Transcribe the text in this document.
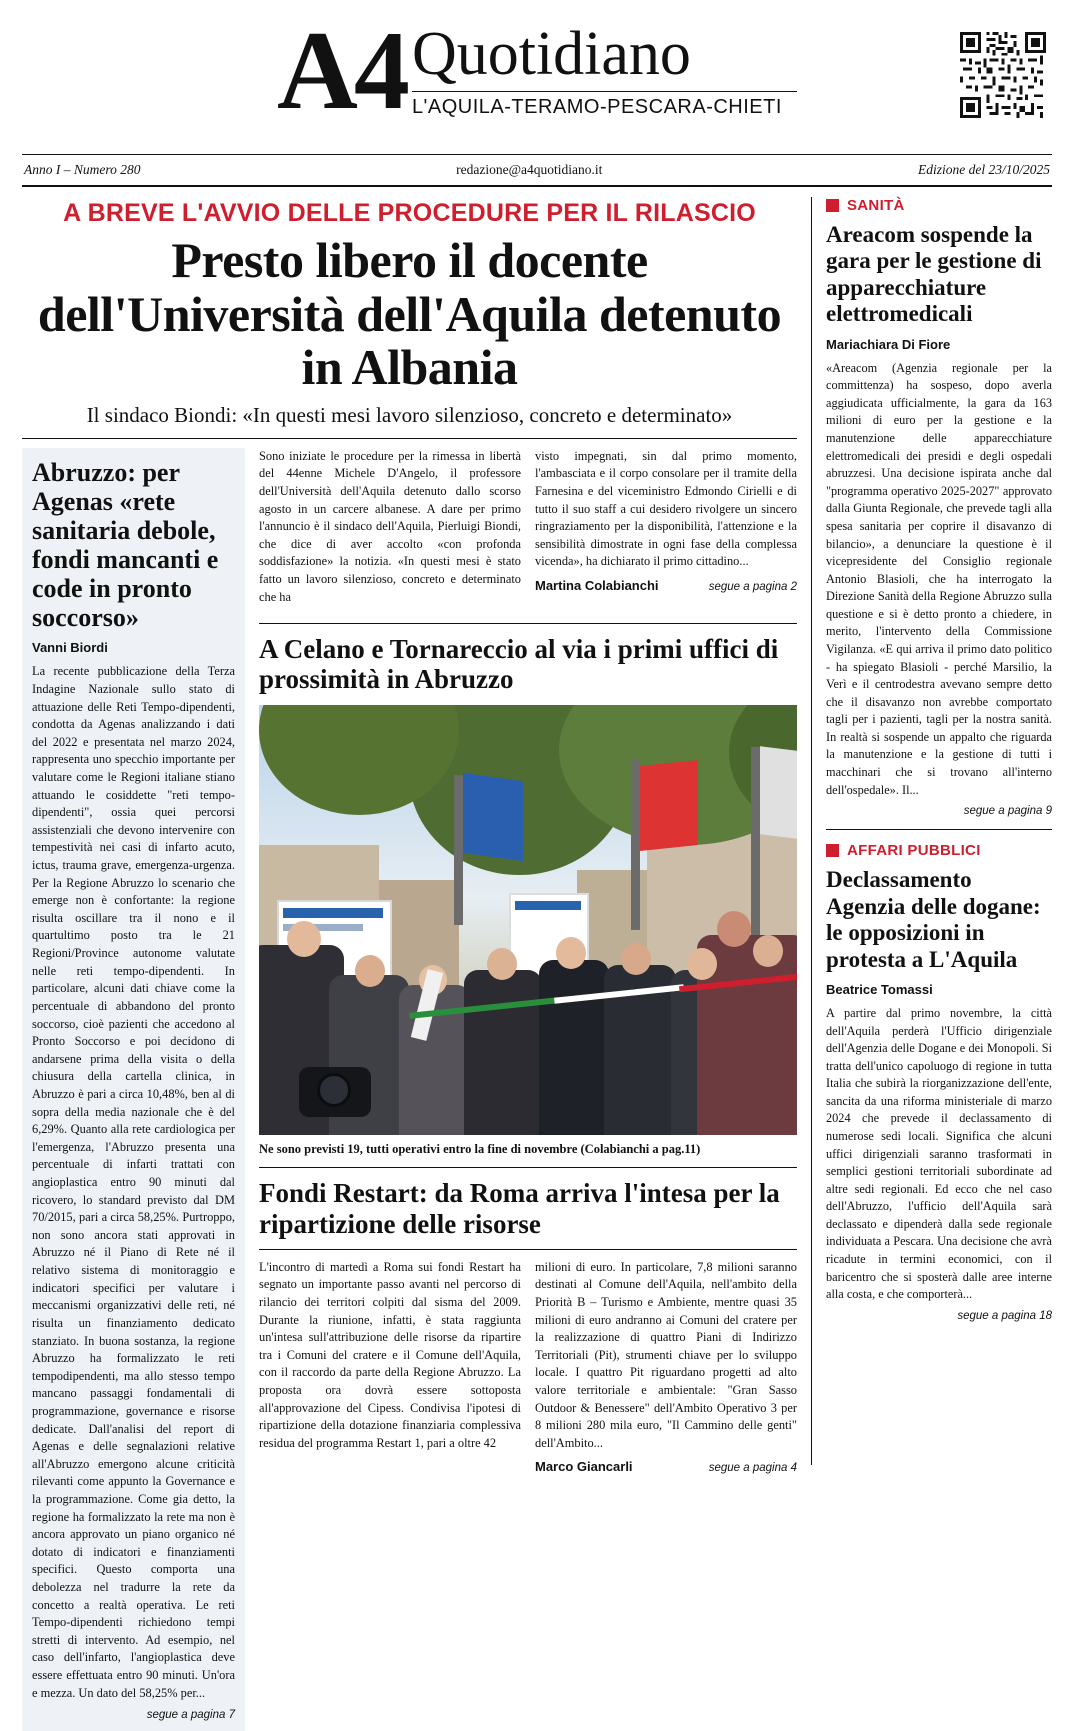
A4 Quotidiano
L'AQUILA-TERAMO-PESCARA-CHIETI
Anno I – Numero 280	redazione@a4quotidiano.it	Edizione del 23/10/2025
A BREVE L'AVVIO DELLE PROCEDURE PER IL RILASCIO
Presto libero il docente dell'Università dell'Aquila detenuto in Albania
Il sindaco Biondi: «In questi mesi lavoro silenzioso, concreto e determinato»
Abruzzo: per Agenas «rete sanitaria debole, fondi mancanti e code in pronto soccorso»
Vanni Biordi

La recente pubblicazione della Terza Indagine Nazionale sullo stato di attuazione delle Reti Tempo-dipendenti, condotta da Agenas analizzando i dati del 2022 e presentata nel marzo 2024, rappresenta uno specchio importante per valutare come le Regioni italiane stiano attuando le cosiddette "reti tempo-dipendenti", ossia quei percorsi assistenziali che devono intervenire con tempestività nei casi di infarto acuto, ictus, trauma grave, emergenza-urgenza. Per la Regione Abruzzo lo scenario che emerge non è confortante: la regione risulta oscillare tra il nono e il quartultimo posto tra le 21 Regioni/Province autonome valutate nelle reti tempo-dipendenti. In particolare, alcuni dati chiave come la percentuale di abbandono del pronto soccorso, cioè pazienti che accedono al Pronto Soccorso e poi decidono di andarsene prima della visita o della chiusura della cartella clinica, in Abruzzo è pari a circa 10,48%, ben al di sopra della media nazionale che è del 6,29%. Quanto alla rete cardiologica per l'emergenza, l'Abruzzo presenta una percentuale di infarti trattati con angioplastica entro 90 minuti dal ricovero, lo standard previsto dal DM 70/2015, pari a circa 58,25%. Purtroppo, non sono ancora stati approvati in Abruzzo né il Piano di Rete né il relativo sistema di monitoraggio e indicatori specifici per valutare i meccanismi organizzativi delle reti, né risulta un finanziamento dedicato stanziato. In buona sostanza, la regione Abruzzo ha formalizzato le reti tempodipendenti, ma allo stesso tempo mancano passaggi fondamentali di programmazione, governance e risorse dedicate. Dall'analisi del report di Agenas e delle segnalazioni relative all'Abruzzo emergono alcune criticità rilevanti come appunto la Governance e la programmazione. Come gia detto, la regione ha formalizzato la rete ma non è ancora approvato un piano organico né dotato di indicatori e finanziamenti specifici. Questo comporta una debolezza nel tradurre la rete da concetto a realtà operativa. Le reti Tempo-dipendenti richiedono tempi stretti di intervento. Ad esempio, nel caso dell'infarto, l'angioplastica deve essere effettuata entro 90 minuti. Un'ora e mezza. Un dato del 58,25% per...

segue a pagina 7

Sono iniziate le procedure per la rimessa in libertà del 44enne Michele D'Angelo, il professore dell'Università dell'Aquila detenuto dallo scorso agosto in un carcere albanese. A dare per primo l'annuncio è il sindaco dell'Aquila, Pierluigi Biondi, che dice di aver accolto «con profonda soddisfazione» la notizia. «In questi mesi è stato fatto un lavoro silenzioso, concreto e determinato che ha

visto impegnati, sin dal primo momento, l'ambasciata e il corpo consolare per il tramite della Farnesina e del viceministro Edmondo Cirielli e di tutto il suo staff a cui desidero rivolgere un sincero ringraziamento per la disponibilità, l'attenzione e la sensibilità dimostrate in ogni fase della complessa vicenda», ha dichiarato il primo cittadino...

Martina Colabianchi	segue a pagina 2
A Celano e Tornareccio al via i primi uffici di prossimità in Abruzzo
Ne sono previsti 19, tutti operativi entro la fine di novembre (Colabianchi a pag.11)
Fondi Restart: da Roma arriva l'intesa per la ripartizione delle risorse

L'incontro di martedì a Roma sui fondi Restart ha segnato un importante passo avanti nel percorso di rilancio dei territori colpiti dal sisma del 2009. Durante la riunione, infatti, è stata raggiunta un'intesa sull'attribuzione delle risorse da ripartire tra i Comuni del cratere e il Comune dell'Aquila, con il raccordo da parte della Regione Abruzzo. La proposta ora dovrà essere sottoposta all'approvazione del Cipess. Condivisa l'ipotesi di ripartizione della dotazione finanziaria complessiva residua del programma Restart 1, pari a oltre 42

milioni di euro. In particolare, 7,8 milioni saranno destinati al Comune dell'Aquila, nell'ambito della Priorità B – Turismo e Ambiente, mentre quasi 35 milioni di euro andranno ai Comuni del cratere per la realizzazione di quattro Piani di Indirizzo Territoriali (Pit), strumenti chiave per lo sviluppo locale. I quattro Pit riguardano progetti ad alto valore territoriale e ambientale: "Gran Sasso Outdoor & Benessere" dell'Ambito Operativo 3 per 8 milioni 280 mila euro, "Il Cammino delle genti" dell'Ambito...

Marco Giancarli	segue a pagina 4
SANITÀ
Areacom sospende la gara per le gestione di apparecchiature elettromedicali
Mariachiara Di Fiore

«Areacom (Agenzia regionale per la committenza) ha sospeso, dopo averla aggiudicata ufficialmente, la gara da 163 milioni di euro per la gestione e la manutenzione delle apparecchiature elettromedicali dei presidi e degli ospedali abruzzesi. Una decisione ispirata anche dal "programma operativo 2025-2027" approvato dalla Giunta Regionale, che prevede tagli alla spesa sanitaria per coprire il disavanzo di bilancio», a denunciare la questione è il vicepresidente del Consiglio regionale Antonio Blasioli, che ha interrogato la Direzione Sanità della Regione Abruzzo sulla questione e si è detto pronto a chiedere, in merito, l'intervento della Commissione Vigilanza. «E qui arriva il primo dato politico - ha spiegato Blasioli - perché Marsilio, la Verì e il centrodestra avevano sempre detto che il disavanzo non avrebbe comportato tagli per i pazienti, tagli per la nostra sanità. In realtà si sospende un appalto che riguarda la manutenzione e la gestione di tutti i macchinari che si trovano all'interno dell'ospedale». Il...

segue a pagina 9
AFFARI PUBBLICI
Declassamento Agenzia delle dogane: le opposizioni in protesta a L'Aquila
Beatrice Tomassi

A partire dal primo novembre, la città dell'Aquila perderà l'Ufficio dirigenziale dell'Agenzia delle Dogane e dei Monopoli. Si tratta dell'unico capoluogo di regione in tutta Italia che subirà la riorganizzazione dell'ente, sancita da una riforma ministeriale di marzo 2024 che prevede il declassamento di numerose sedi locali. Significa che alcuni uffici dirigenziali saranno trasformati in semplici gestioni territoriali subordinate ad altre sedi regionali. Ed ecco che nel caso dell'Abruzzo, l'ufficio dell'Aquila sarà declassato e dipenderà dalla sede regionale individuata a Pescara. Una decisione che avrà ricadute in termini economici, con il baricentro che si sposterà dalle aree interne alla costa, e che comporterà...

segue a pagina 18
